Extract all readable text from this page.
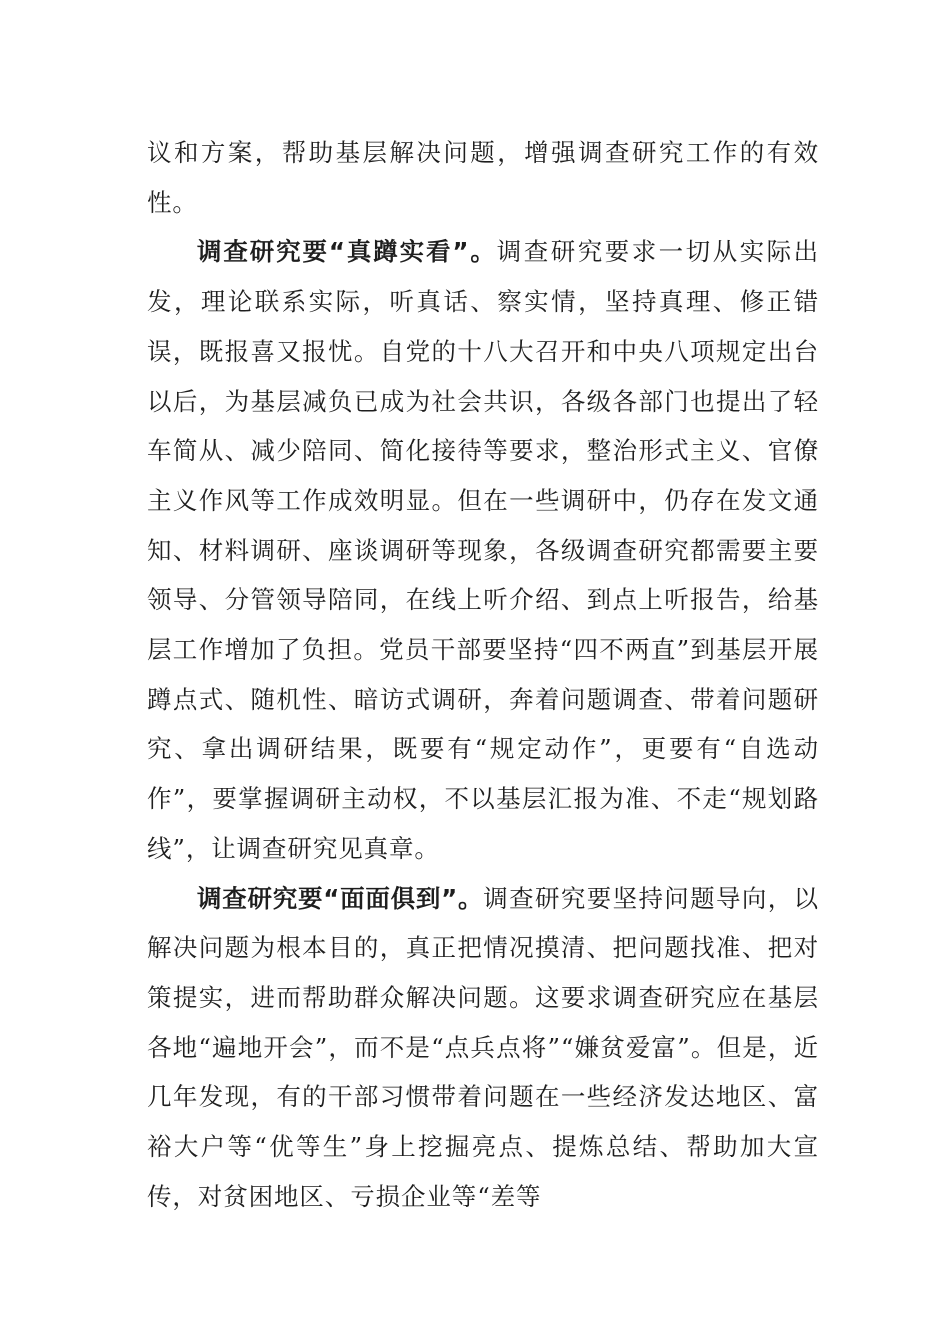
议和方案，帮助基层解决问题，增强调查研究工作的有效性。

调查研究要“真蹲实看”。调查研究要求一切从实际出发，理论联系实际，听真话、察实情，坚持真理、修正错误，既报喜又报忧。自党的十八大召开和中央八项规定出台以后，为基层减负已成为社会共识，各级各部门也提出了轻车简从、减少陪同、简化接待等要求，整治形式主义、官僚主义作风等工作成效明显。但在一些调研中，仍存在发文通知、材料调研、座谈调研等现象，各级调查研究都需要主要领导、分管领导陪同，在线上听介绍、到点上听报告，给基层工作增加了负担。党员干部要坚持“四不两直”到基层开展蹲点式、随机性、暗访式调研，奔着问题调查、带着问题研究、拿出调研结果，既要有“规定动作”，更要有“自选动作”，要掌握调研主动权，不以基层汇报为准、不走“规划路线”，让调查研究见真章。

调查研究要“面面俱到”。调查研究要坚持问题导向，以解决问题为根本目的，真正把情况摸清、把问题找准、把对策提实，进而帮助群众解决问题。这要求调查研究应在基层各地“遍地开会”，而不是“点兵点将”“嫌贫爱富”。但是，近几年发现，有的干部习惯带着问题在一些经济发达地区、富裕大户等“优等生”身上挖掘亮点、提炼总结、帮助加大宣传，对贫困地区、亏损企业等“差等
